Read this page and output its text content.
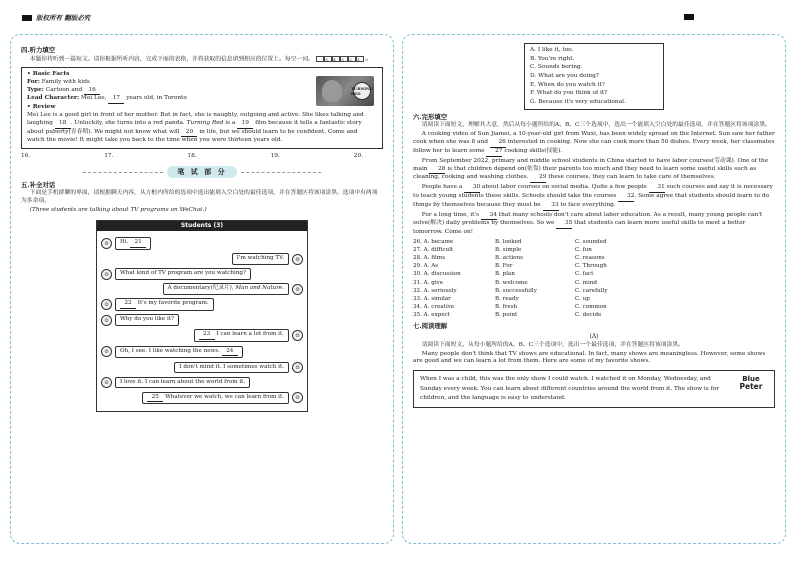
版权所有 翻版必究
四.听力填空
本题你将听到一篇短文。请你根据所听内容，完成下面的表格，并将获取的信息填到相应的位置上。每空一词。	5	4	3	2	1	0
TURNING RED

• Basic Facts

For: Family with kids

Type: Cartoon and 16

Lead Character: Mei Lee, 17 years old, in Toronto

• Review

Mei Lee is a good girl in front of her mother. But in fact, she is naughty, outgoing and active. She likes talking and laughing 18 . Unluckily, she turns into a red panda. Turning Red is a 19 film because it tells a fantastic story about puberty(青春期). We might not know what will 20 in life, but we should learn to be confident. Come and watch the movie! It might take you back to the time when you were thirteen years old.

16.	17.	18.	19.	20.
笔 试 部 分
五.补全对话
下面是手机群聊的界面，请根据聊天内容，从方框内所给的选项中选出能填入空白处的最佳选项，并在答题区将该项涂黑。选项中有两项为多余项。
(Three students are talking about TV programs on WeChat.)
Students (3)
☺	Hi. 21
I'm watching TV.	☺
☺	What kind of TV program are you watching?
A documentary(纪录片), Man and Nature.	☺
☺	22 It's my favorite program.
☺	Why do you like it?
23 I can learn a lot from it.	☺
☺	Oh, I see. I like watching the news. 24
I don't mind it. I sometimes watch it.	☺
☺	I love it. I can learn about the world from it.
25 Whatever we watch, we can learn from it.	☺

A. I like it, too.

B. You're right.

C. Sounds boring.

D. What are you doing?

E. When do you watch it?

F. What do you think of it?

G. Because it's very educational.

六.完形填空
请阅读下面短文，理解其大意，然后从每小题所给的A、B、C三个选项中，选出一个能填入空白处的最佳选项，并在答题区将该项涂黑。
A cooking video of Sun Jiamei, a 10-year-old girl from Wuxi, has been widely spread on the Internet. Sun saw her father cook when she was 8 and 26 interested in cooking. Now she can cook more than 50 dishes. Every week, her classmates follow her to learn some 27 cooking skills(技能).
From September 2022, primary and middle school students in China started to have labor courses(劳动课). One of the main 28 is that children depend on(依靠) their parents too much and they need to learn some useful skills such as cleaning, cooking and washing clothes. 29 these courses, they can learn to take care of themselves.
People have a 30 about labor courses on social media. Quite a few people 31 such courses and say it is necessary to teach young students these skills. Schools should take the courses 32. Some agree that students should learn to do things by themselves because they must be 33 to face everything.
For a long time, it's 34 that many schools don't care about labor education. As a result, many young people can't solve(解决) daily problems by themselves. So we 35 that students can learn more useful skills to meet a better tomorrow. Come on!
26. A. became	B. looked	C. sounded
27. A. difficult	B. simple	C. fun
28. A. films	B. actions	C. reasons
29. A. As	B. For	C. Through
30. A. discussion	B. plan	C. fact
31. A. give	B. welcome	C. mind
32. A. seriously	B. successfully	C. carefully
33. A. similar	B. ready	C. up
34. A. creative	B. fresh	C. common
35. A. expect	B. point	C. decide
七.阅读理解
(A)
请阅读下面短文，从每小题所给的A、B、C三个选项中，选出一个最佳选项，并在答题区将该项涂黑。
Many people don't think that TV shows are educational. In fact, many shows are meaningless. However, some shows are good and we can learn a lot from them. Here are some of my favorite shows.

When I was a child, this was the only show I could watch. I watched it on Monday, Wednesday, and Sunday every week. You can learn about different countries around the world from it. The show is for children, and the language is easy to understand.

Blue
Peter
